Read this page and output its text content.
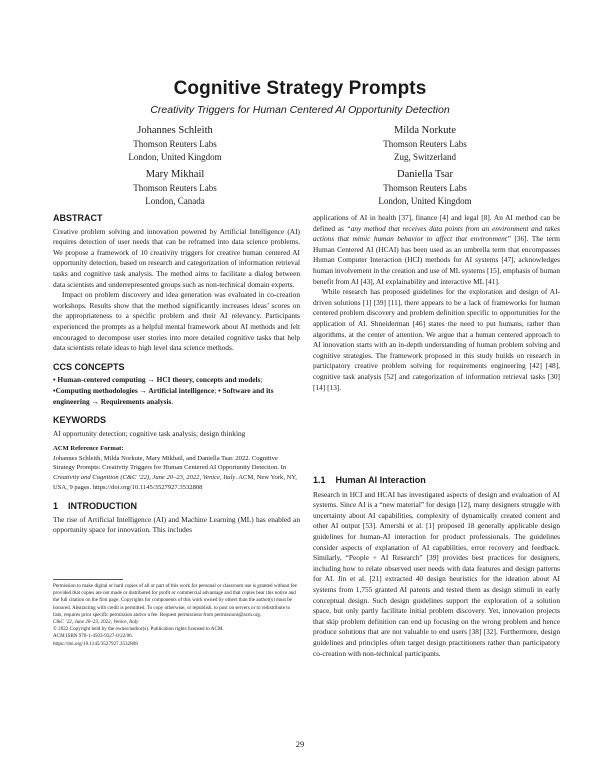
Cognitive Strategy Prompts
Creativity Triggers for Human Centered AI Opportunity Detection
Johannes Schleith
Thomson Reuters Labs
London, United Kingdom
Milda Norkute
Thomson Reuters Labs
Zug, Switzerland
Mary Mikhail
Thomson Reuters Labs
London, Canada
Daniella Tsar
Thomson Reuters Labs
London, United Kingdom
ABSTRACT

Creative problem solving and innovation powered by Artificial Intelligence (AI) requires detection of user needs that can be reframed into data science problems. We propose a framework of 10 creativity triggers for creative human centered AI opportunity detection, based on research and categorization of information retrieval tasks and cognitive task analysis. The method aims to facilitate a dialog between data scientists and underrepresented groups such as non-technical domain experts.

Impact on problem discovery and idea generation was evaluated in co-creation workshops. Results show that the method significantly increases ideas’ scores on the appropriateness to a specific problem and their AI relevancy. Participants experienced the prompts as a helpful mental framework about AI methods and felt encouraged to decompose user stories into more detailed cognitive tasks that help data scientists relate ideas to high level data science methods.

CCS CONCEPTS

• Human-centered computing → HCI theory, concepts and models; •Computing methodologies → Artificial intelligence; • Software and its engineering → Requirements analysis.

KEYWORDS

AI opportunity detection; cognitive task analysis; design thinking

ACM Reference Format:

Johannes Schleith, Milda Norkute, Mary Mikhail, and Daniella Tsar. 2022. Cognitive Strategy Prompts: Creativity Triggers for Human Centered AI Opportunity Detection. In Creativity and Cognition (C&C ’22), June 20–23, 2022, Venice, Italy. ACM, New York, NY, USA, 9 pages. https://doi.org/10.1145/3527927.3532808

1 INTRODUCTION

The rise of Artificial Intelligence (AI) and Machine Learning (ML) has enabled an opportunity space for innovation. This includes

Permission to make digital or hard copies of all or part of this work for personal or classroom use is granted without fee provided that copies are not made or distributed for profit or commercial advantage and that copies bear this notice and the full citation on the first page. Copyrights for components of this work owned by others than the author(s) must be honored. Abstracting with credit is permitted. To copy otherwise, or republish, to post on servers or to redistribute to lists, requires prior specific permission and/or a fee. Request permissions from permissions@acm.org.

C&C ’22, June 20–23, 2022, Venice, Italy

© 2022 Copyright held by the owner/author(s). Publication rights licensed to ACM.

ACM ISBN 978-1-4503-9327-0/22/06.

https://doi.org/10.1145/3527927.3532808

applications of AI in health [37], finance [4] and legal [8]. An AI method can be defined as “any method that receives data points from an environment and takes actions that mimic human behavior to affect that environment” [36]. The term Human Centered AI (HCAI) has been used as an umbrella term that encompasses Human Computer Interaction (HCI) methods for AI systems [47], acknowledges human involvement in the creation and use of ML systems [15], emphasis of human benefit from AI [43], AI explainability and interactive ML [41].

While research has proposed guidelines for the exploration and design of AI-driven solutions [1] [39] [11], there appears to be a lack of frameworks for human centered problem discovery and problem definition specific to opportunities for the application of AI. Shneiderman [46] states the need to put humans, rather than algorithms, at the center of attention. We argue that a human centered approach to AI innovation starts with an in-depth understanding of human problem solving and cognitive strategies. The framework proposed in this study builds on research in participatory creative problem solving for requirements engineering [42] [48], cognitive task analysis [52] and categorization of information retrieval tasks [30] [14] [13].

1.1 Human AI Interaction

Research in HCI and HCAI has investigated aspects of design and evaluation of AI systems. Since AI is a “new material” for design [12], many designers struggle with uncertainty about AI capabilities, complexity of dynamically created content and other AI output [53]. Amershi et al. [1] proposed 18 generally applicable design guidelines for human-AI interaction for product professionals. The guidelines consider aspects of explanation of AI capabilities, error recovery and feedback. Similarly, “People + AI Research” [39] provides best practices for designers, including how to relate observed user needs with data features and design patterns for AI. Jin et al. [21] extracted 40 design heuristics for the ideation about AI systems from 1,755 granted AI patents and tested them as design stimuli in early conceptual design. Such design guidelines support the exploration of a solution space, but only partly facilitate initial problem discovery. Yet, innovation projects that skip problem definition can end up focusing on the wrong problem and hence produce solutions that are not valuable to end users [38] [32]. Furthermore, design guidelines and principles often target design practitioners rather than participatory co-creation with non-technical participants.

29
